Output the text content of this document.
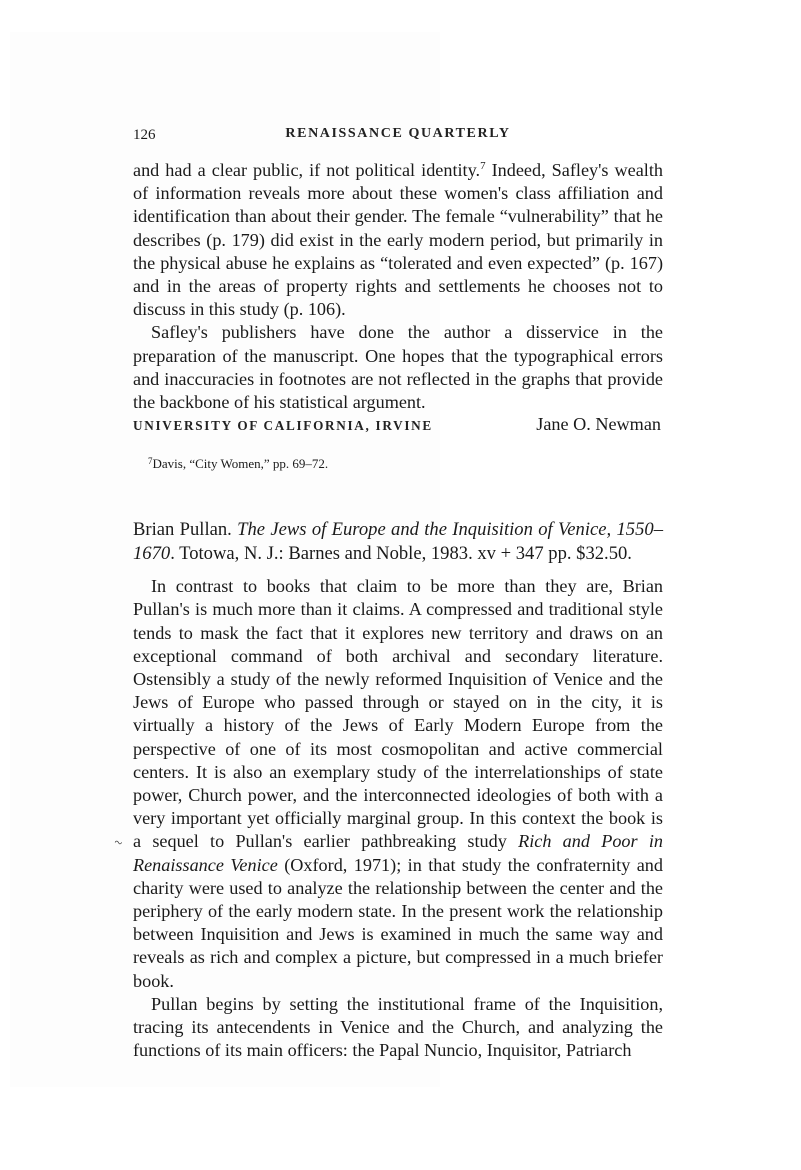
126	RENAISSANCE QUARTERLY

and had a clear public, if not political identity.$^7$ Indeed, Safley's wealth of information reveals more about these women's class affiliation and identification than about their gender. The female “vulnerability” that he describes (p. 179) did exist in the early modern period, but primarily in the physical abuse he explains as “tolerated and even expected” (p. 167) and in the areas of property rights and settlements he chooses not to discuss in this study (p. 106).

Safley's publishers have done the author a disservice in the preparation of the manuscript. One hopes that the typographical errors and inaccuracies in footnotes are not reflected in the graphs that provide the backbone of his statistical argument.

UNIVERSITY OF CALIFORNIA, IRVINE	Jane O. Newman
$^7$Davis, “City Women,” pp. 69–72.

Brian Pullan. The Jews of Europe and the Inquisition of Venice, 1550–1670. Totowa, N. J.: Barnes and Noble, 1983. xv + 347 pp. $32.50.

In contrast to books that claim to be more than they are, Brian Pullan's is much more than it claims. A compressed and traditional style tends to mask the fact that it explores new territory and draws on an exceptional command of both archival and secondary literature. Ostensibly a study of the newly reformed Inquisition of Venice and the Jews of Europe who passed through or stayed on in the city, it is virtually a history of the Jews of Early Modern Europe from the perspective of one of its most cosmopolitan and active commercial centers. It is also an exemplary study of the interrelationships of state power, Church power, and the interconnected ideologies of both with a very important yet officially marginal group. In this context the book is a sequel to Pullan's earlier pathbreaking study Rich and Poor in Renaissance Venice (Oxford, 1971); in that study the confraternity and charity were used to analyze the relationship between the center and the periphery of the early modern state. In the present work the relationship between Inquisition and Jews is examined in much the same way and reveals as rich and complex a picture, but compressed in a much briefer book.

Pullan begins by setting the institutional frame of the Inquisition, tracing its antecendents in Venice and the Church, and analyzing the functions of its main officers: the Papal Nuncio, Inquisitor, Patriarch

~
